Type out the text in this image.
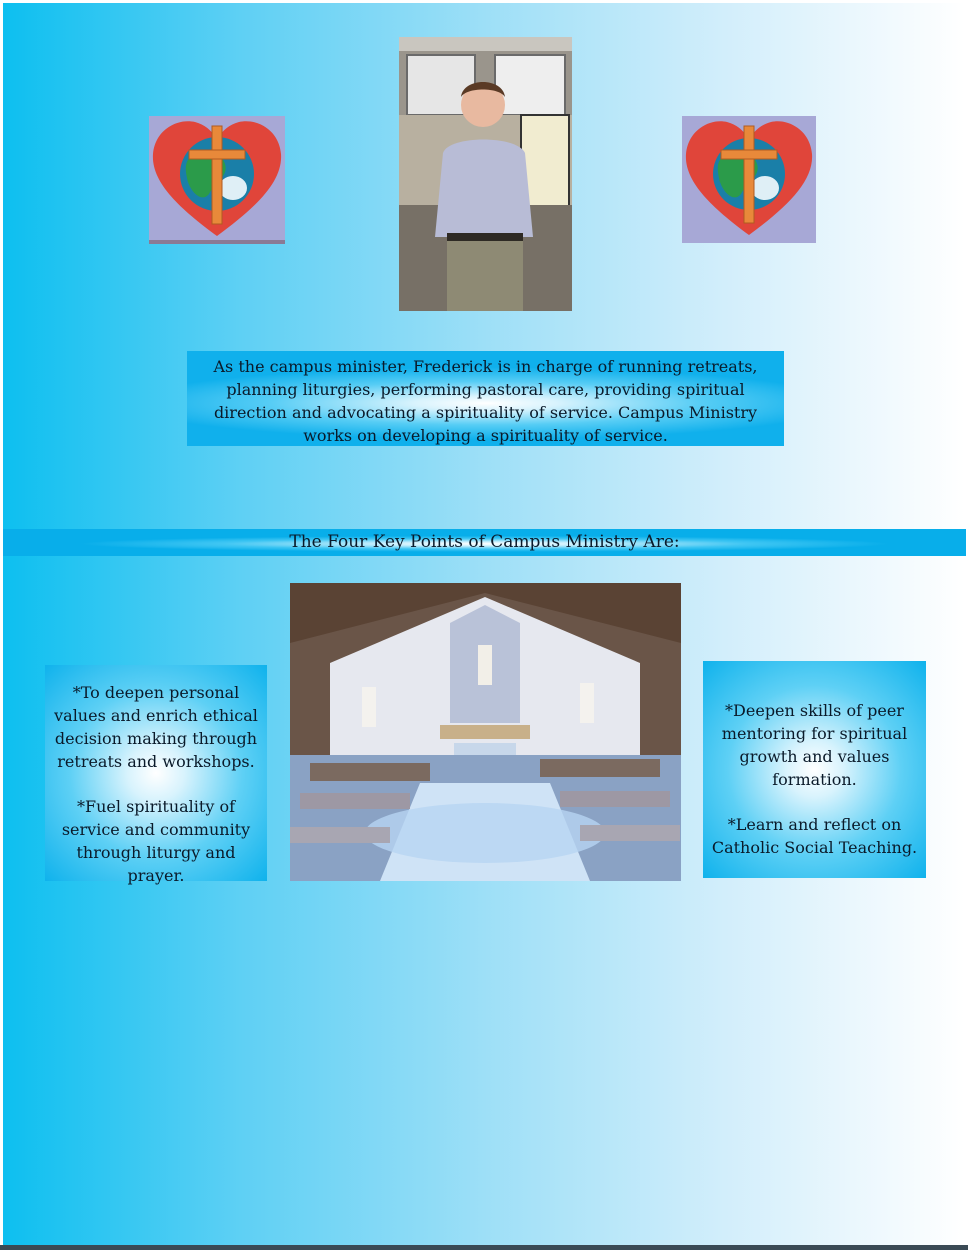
As the campus minister, Frederick is in charge of running retreats, planning liturgies, performing pastoral care, providing spiritual direction and advocating a spirituality of service. Campus Ministry works on developing a spirituality of service.
The Four Key Points of Campus Ministry Are:

*To deepen personal values and enrich ethical decision making through retreats and workshops.

*Fuel spirituality of service and community through liturgy and prayer.

*Deepen skills of peer mentoring for spiritual growth and values formation.

*Learn and reflect on Catholic Social Teaching.
